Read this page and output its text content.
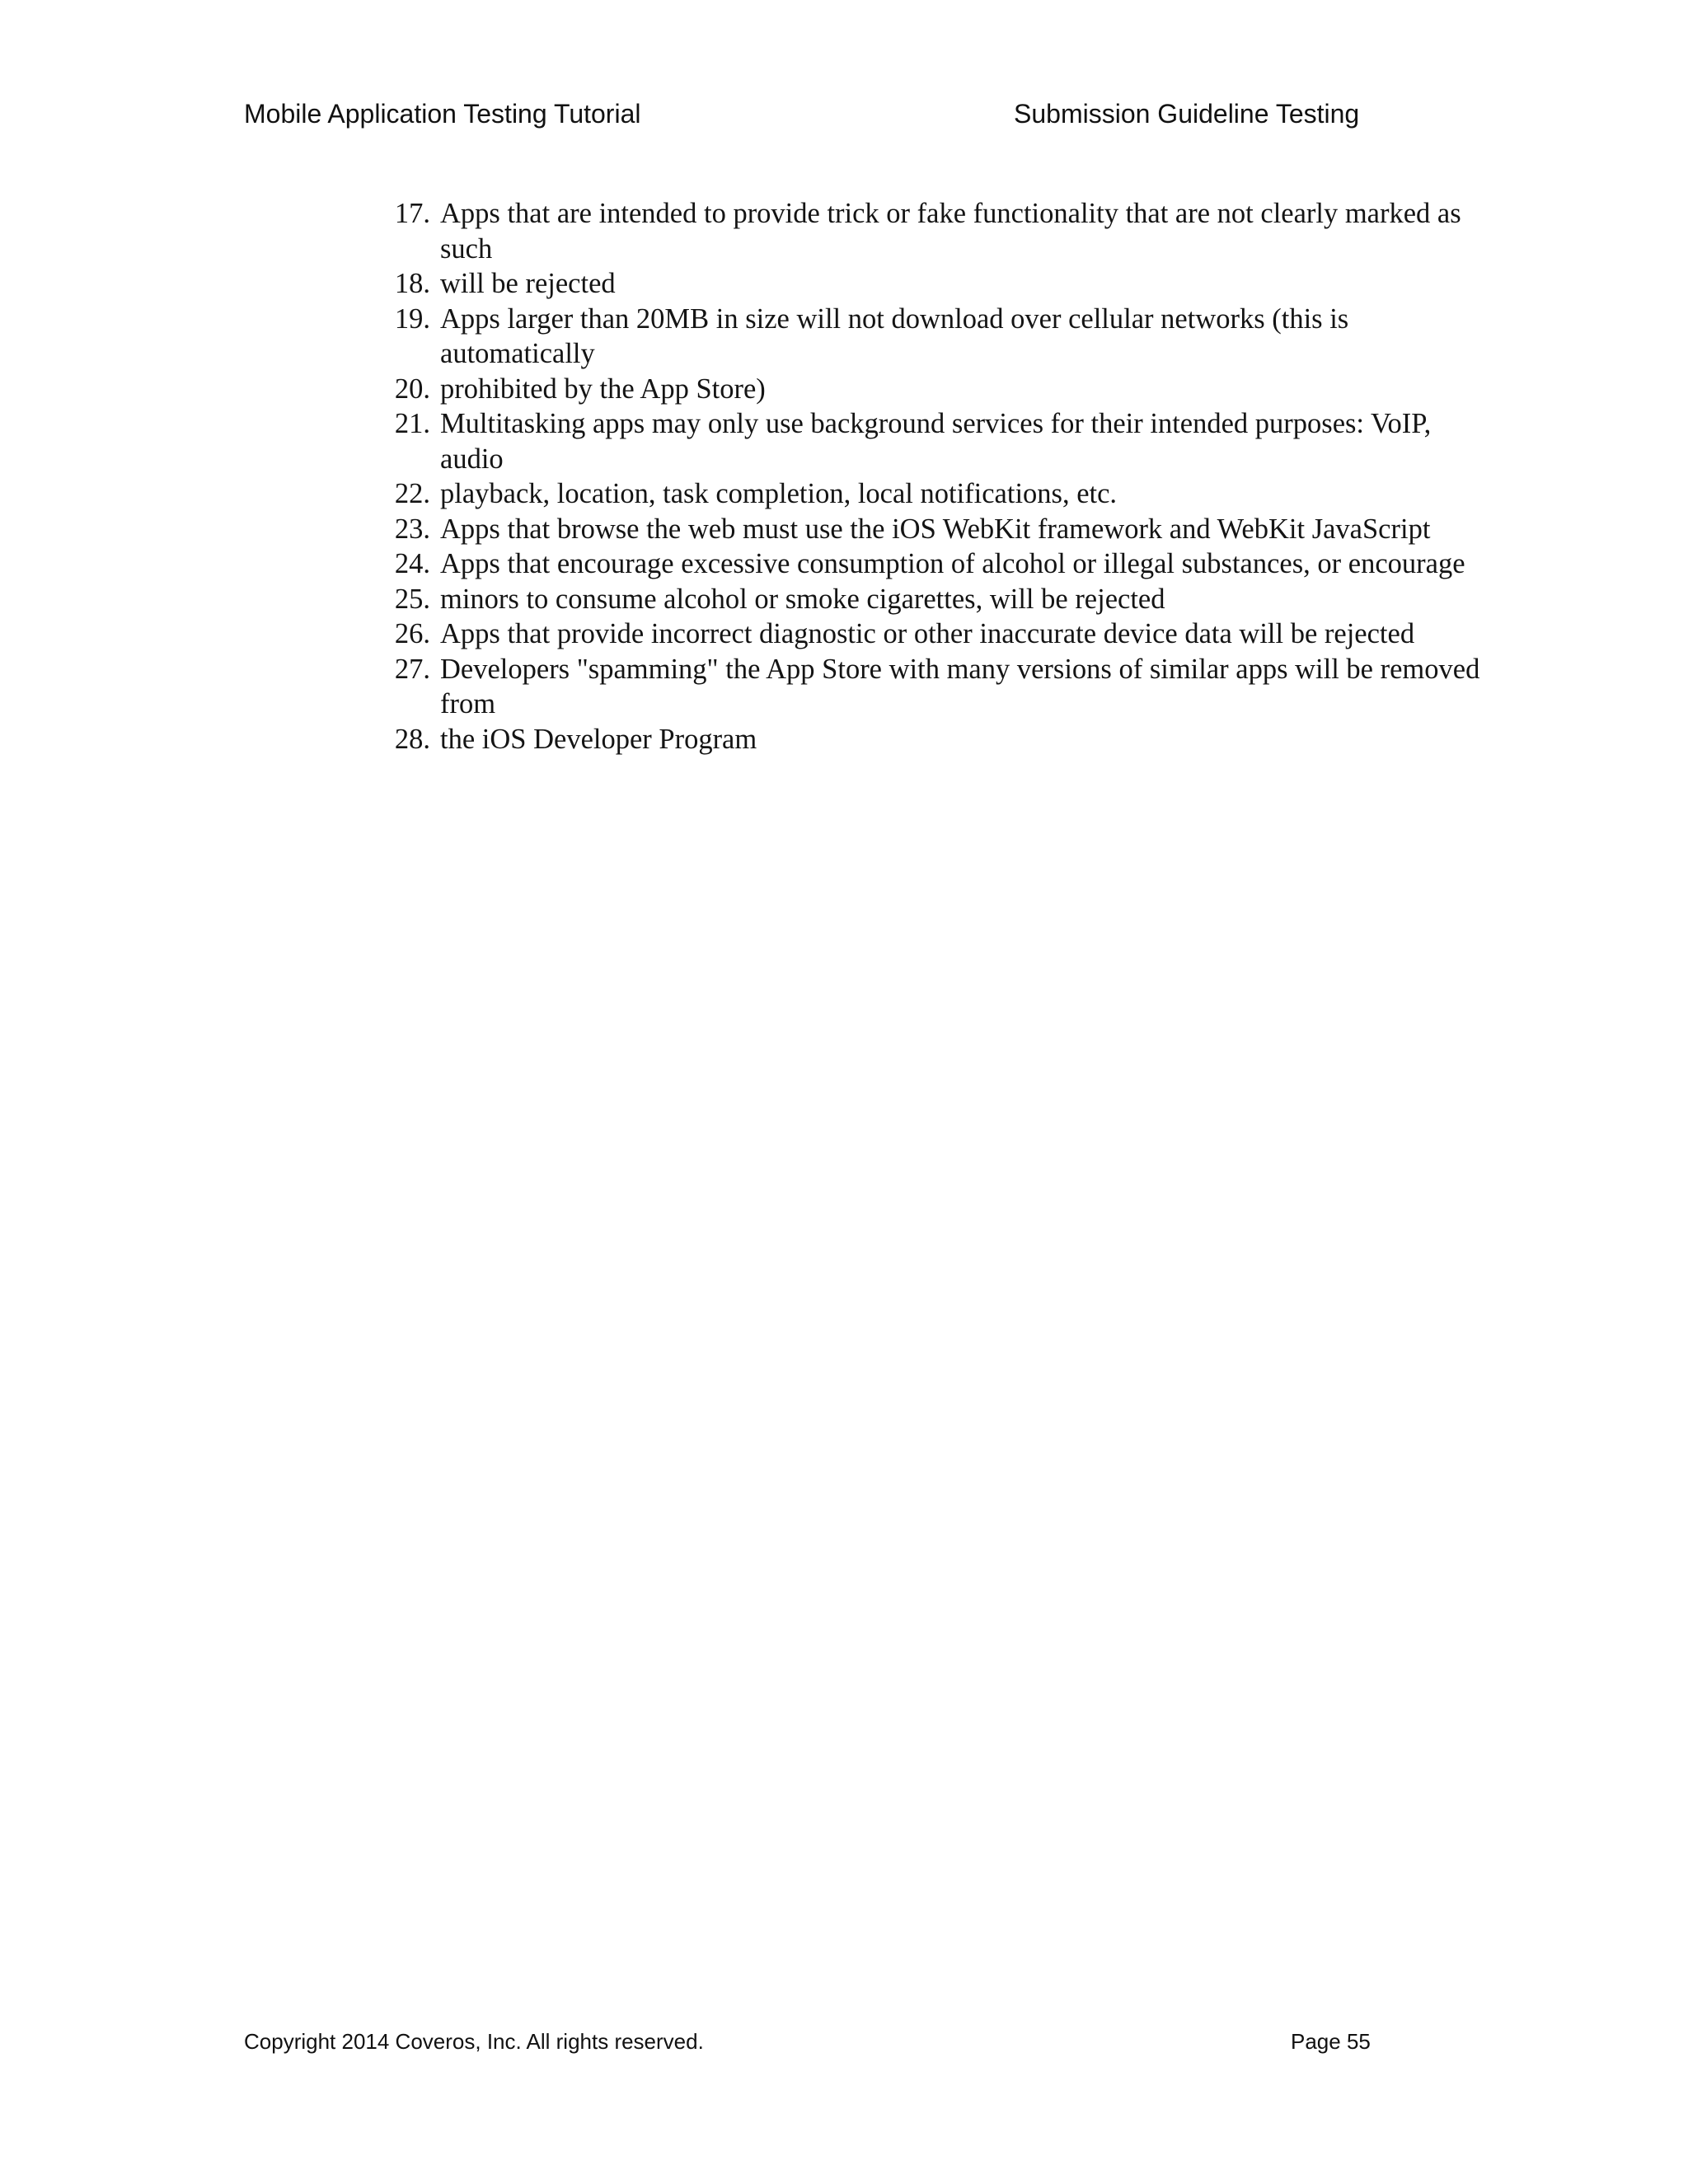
Mobile Application Testing Tutorial	Submission Guideline Testing
17. Apps that are intended to provide trick or fake functionality that are not clearly marked as such
18. will be rejected
19. Apps larger than 20MB in size will not download over cellular networks (this is automatically
20. prohibited by the App Store)
21. Multitasking apps may only use background services for their intended purposes: VoIP, audio
22. playback, location, task completion, local notifications, etc.
23. Apps that browse the web must use the iOS WebKit framework and WebKit JavaScript
24. Apps that encourage excessive consumption of alcohol or illegal substances, or encourage
25. minors to consume alcohol or smoke cigarettes, will be rejected
26. Apps that provide incorrect diagnostic or other inaccurate device data will be rejected
27. Developers "spamming" the App Store with many versions of similar apps will be removed from
28. the iOS Developer Program
Copyright 2014 Coveros, Inc. All rights reserved.	Page 55
